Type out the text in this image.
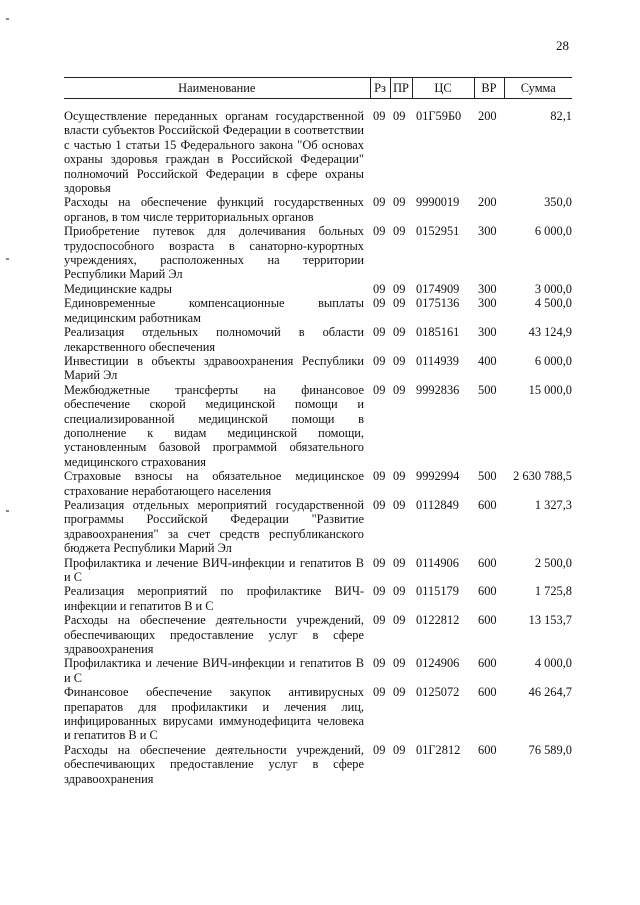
28
Наименование	Рз	ПР	ЦС	ВР	Сумма
Осуществление переданных органам государственной власти субъектов Российской Федерации в соответствии с частью 1 статьи 15 Федерального закона "Об основах охраны здоровья граждан в Российской Федерации" полномочий Российской Федерации в сфере охраны здоровья	09	09	01Г59Б0	200	82,1
Расходы на обеспечение функций государственных органов, в том числе территориальных органов	09	09	9990019	200	350,0
Приобретение путевок для долечивания больных трудоспособного возраста в санаторно-курортных учреждениях, расположенных на территории Республики Марий Эл	09	09	0152951	300	6 000,0
Медицинские кадры	09	09	0174909	300	3 000,0
Единовременные компенсационные выплаты медицинским работникам	09	09	0175136	300	4 500,0
Реализация отдельных полномочий в области лекарственного обеспечения	09	09	0185161	300	43 124,9
Инвестиции в объекты здравоохранения Республики Марий Эл	09	09	0114939	400	6 000,0
Межбюджетные трансферты на финансовое обеспечение скорой медицинской помощи и специализированной медицинской помощи в дополнение к видам медицинской помощи, установленным базовой программой обязательного медицинского страхования	09	09	9992836	500	15 000,0
Страховые взносы на обязательное медицинское страхование неработающего населения	09	09	9992994	500	2 630 788,5
Реализация отдельных мероприятий государственной программы Российской Федерации "Развитие здравоохранения" за счет средств республиканского бюджета Республики Марий Эл	09	09	0112849	600	1 327,3
Профилактика и лечение ВИЧ-инфекции и гепатитов В и С	09	09	0114906	600	2 500,0
Реализация мероприятий по профилактике ВИЧ-инфекции и гепатитов В и С	09	09	0115179	600	1 725,8
Расходы на обеспечение деятельности учреждений, обеспечивающих предоставление услуг в сфере здравоохранения	09	09	0122812	600	13 153,7
Профилактика и лечение ВИЧ-инфекции и гепатитов В и С	09	09	0124906	600	4 000,0
Финансовое обеспечение закупок антивирусных препаратов для профилактики и лечения лиц, инфицированных вирусами иммунодефицита человека и гепатитов В и С	09	09	0125072	600	46 264,7
Расходы на обеспечение деятельности учреждений, обеспечивающих предоставление услуг в сфере здравоохранения	09	09	01Г2812	600	76 589,0
